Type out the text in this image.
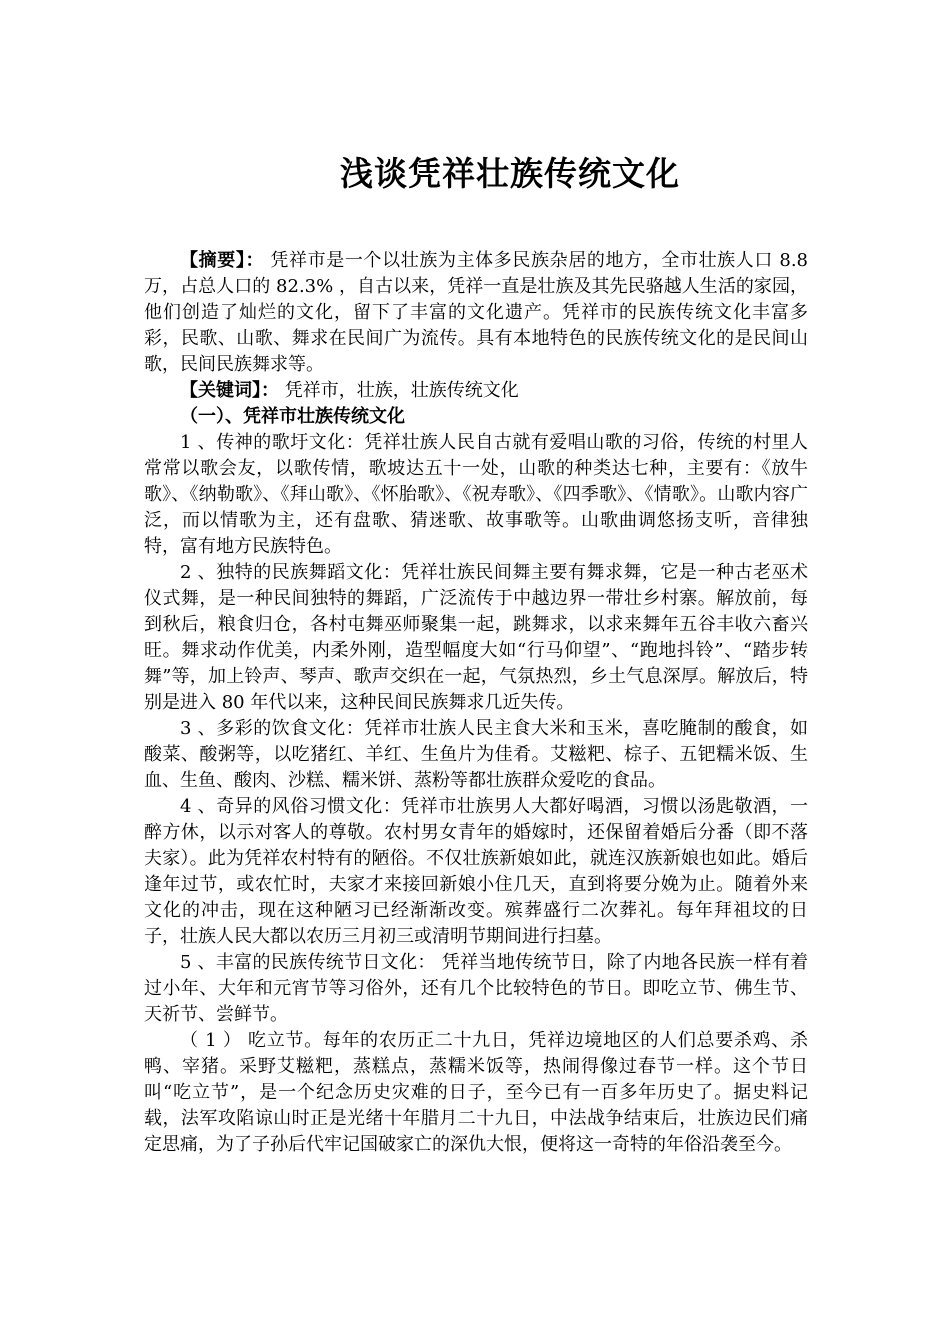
浅谈凭祥壮族传统文化

【摘要】： 凭祥市是一个以壮族为主体多民族杂居的地方，全市壮族人口 8.8 万，占总人口的 82.3% ，自古以来，凭祥一直是壮族及其先民骆越人生活的家园，他们创造了灿烂的文化，留下了丰富的文化遗产。凭祥市的民族传统文化丰富多彩，民歌、山歌、舞求在民间广为流传。具有本地特色的民族传统文化的是民间山歌，民间民族舞求等。

【关键词】： 凭祥市，壮族，壮族传统文化

（一）、凭祥市壮族传统文化

1 、传神的歌圩文化：凭祥壮族人民自古就有爱唱山歌的习俗，传统的村里人常常以歌会友，以歌传情，歌坡达五十一处，山歌的种类达七种，主要有：《放牛歌》、《纳勒歌》、《拜山歌》、《怀胎歌》、《祝寿歌》、《四季歌》、《情歌》。山歌内容广泛，而以情歌为主，还有盘歌、猜迷歌、故事歌等。山歌曲调悠扬支听，音律独特，富有地方民族特色。

2 、独特的民族舞蹈文化：凭祥壮族民间舞主要有舞求舞，它是一种古老巫术仪式舞，是一种民间独特的舞蹈，广泛流传于中越边界一带壮乡村寨。解放前，每到秋后，粮食归仓，各村屯舞巫师聚集一起，跳舞求，以求来舞年五谷丰收六畜兴旺。舞求动作优美，内柔外刚，造型幅度大如“行马仰望”、“跑地抖铃”、“踏步转舞”等，加上铃声、琴声、歌声交织在一起，气氛热烈，乡土气息深厚。解放后，特别是进入 80 年代以来，这种民间民族舞求几近失传。

3 、多彩的饮食文化：凭祥市壮族人民主食大米和玉米，喜吃腌制的酸食，如酸菜、酸粥等，以吃猪红、羊红、生鱼片为佳肴。艾糍粑、棕子、五钯糯米饭、生血、生鱼、酸肉、沙糕、糯米饼、蒸粉等都壮族群众爱吃的食品。

4 、奇异的风俗习惯文化：凭祥市壮族男人大都好喝酒，习惯以汤匙敬酒，一醉方休，以示对客人的尊敬。农村男女青年的婚嫁时，还保留着婚后分番（即不落夫家）。此为凭祥农村特有的陋俗。不仅壮族新娘如此，就连汉族新娘也如此。婚后逢年过节，或农忙时，夫家才来接回新娘小住几天，直到将要分娩为止。随着外来文化的冲击，现在这种陋习已经渐渐改变。殡葬盛行二次葬礼。每年拜祖坟的日子，壮族人民大都以农历三月初三或清明节期间进行扫墓。

5 、丰富的民族传统节日文化： 凭祥当地传统节日，除了内地各民族一样有着过小年、大年和元宵节等习俗外，还有几个比较特色的节日。即吃立节、佛生节、天祈节、尝鲜节。

（ 1 ） 吃立节。每年的农历正二十九日，凭祥边境地区的人们总要杀鸡、杀鸭、宰猪。采野艾糍粑，蒸糕点，蒸糯米饭等，热闹得像过春节一样。这个节日叫“吃立节”，是一个纪念历史灾难的日子，至今已有一百多年历史了。据史料记载，法军攻陷谅山时正是光绪十年腊月二十九日，中法战争结束后，壮族边民们痛定思痛，为了子孙后代牢记国破家亡的深仇大恨，便将这一奇特的年俗沿袭至今。
